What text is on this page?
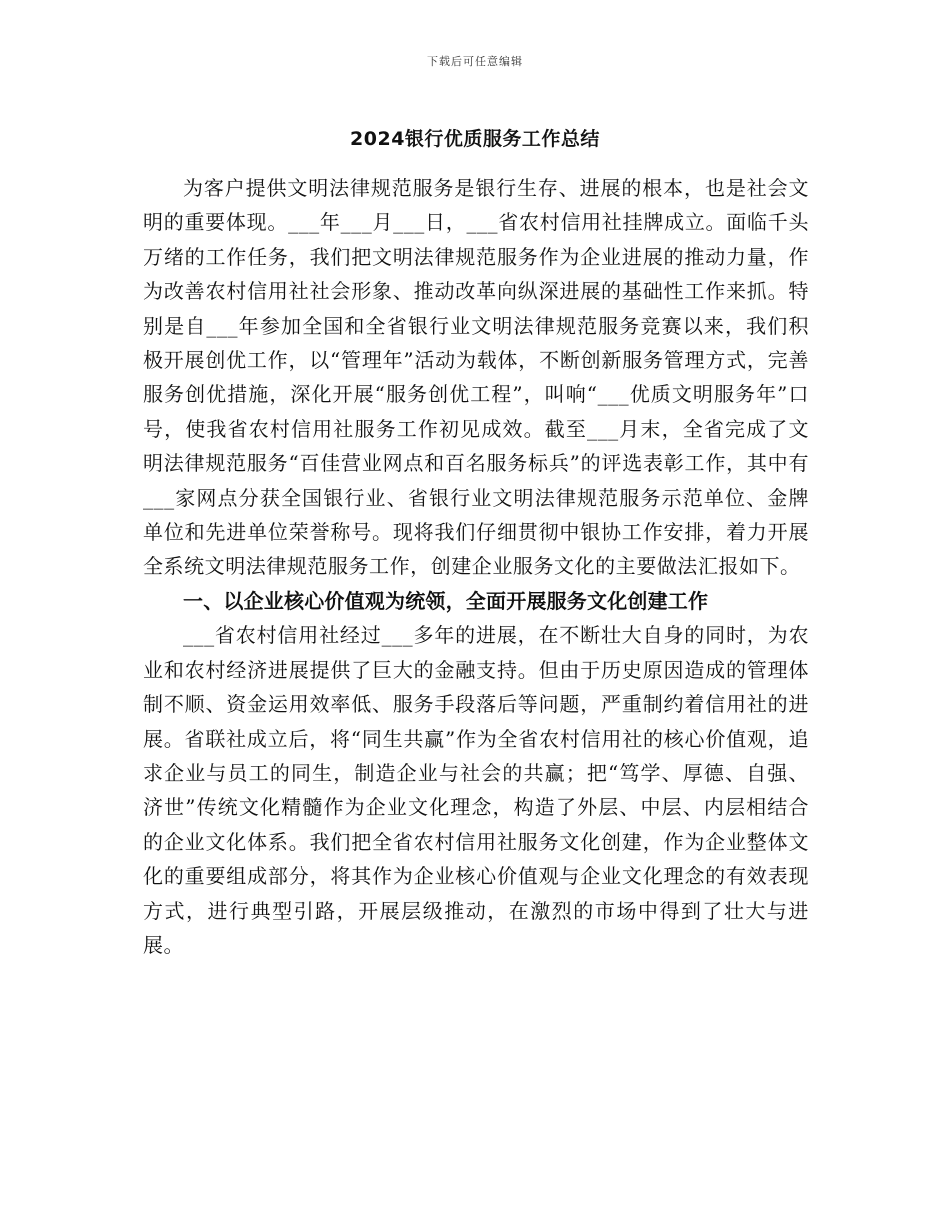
下载后可任意编辑
2024银行优质服务工作总结

为客户提供文明法律规范服务是银行生存、进展的根本，也是社会文明的重要体现。___年___月___日，___省农村信用社挂牌成立。面临千头万绪的工作任务，我们把文明法律规范服务作为企业进展的推动力量，作为改善农村信用社社会形象、推动改革向纵深进展的基础性工作来抓。特别是自___年参加全国和全省银行业文明法律规范服务竞赛以来，我们积极开展创优工作，以“管理年”活动为载体，不断创新服务管理方式，完善服务创优措施，深化开展“服务创优工程”，叫响“___优质文明服务年”口号，使我省农村信用社服务工作初见成效。截至___月末，全省完成了文明法律规范服务“百佳营业网点和百名服务标兵”的评选表彰工作，其中有___家网点分获全国银行业、省银行业文明法律规范服务示范单位、金牌单位和先进单位荣誉称号。现将我们仔细贯彻中银协工作安排，着力开展全系统文明法律规范服务工作，创建企业服务文化的主要做法汇报如下。

一、以企业核心价值观为统领，全面开展服务文化创建工作

___省农村信用社经过___多年的进展，在不断壮大自身的同时，为农业和农村经济进展提供了巨大的金融支持。但由于历史原因造成的管理体制不顺、资金运用效率低、服务手段落后等问题，严重制约着信用社的进展。省联社成立后，将“同生共赢”作为全省农村信用社的核心价值观，追求企业与员工的同生，制造企业与社会的共赢；把“笃学、厚德、自强、济世”传统文化精髓作为企业文化理念，构造了外层、中层、内层相结合的企业文化体系。我们把全省农村信用社服务文化创建，作为企业整体文化的重要组成部分，将其作为企业核心价值观与企业文化理念的有效表现方式，进行典型引路，开展层级推动，在激烈的市场中得到了壮大与进展。
